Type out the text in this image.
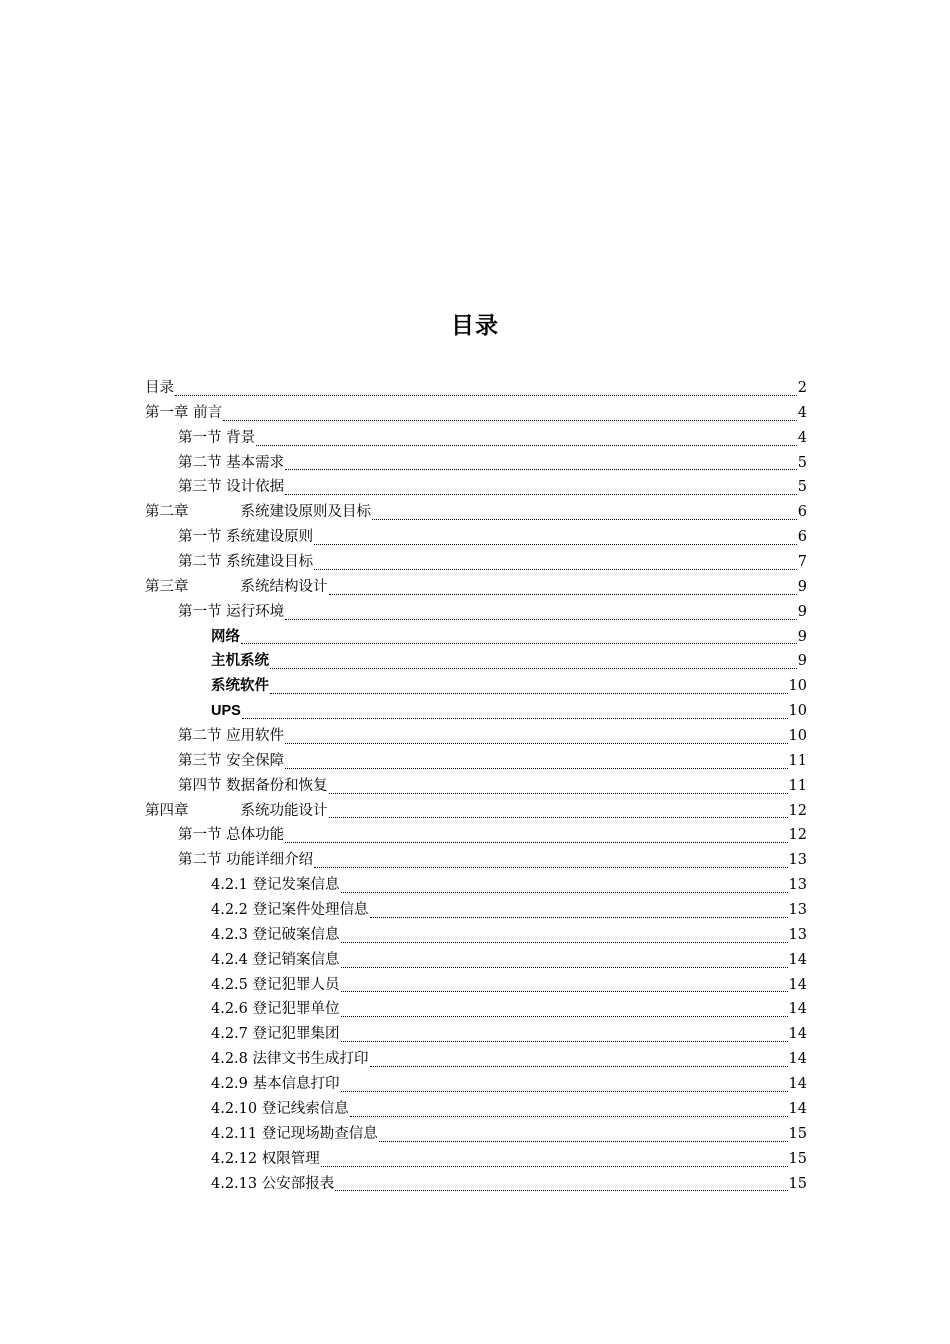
目录
目录	2
第一章 前言	4
第一节 背景	4
第二节 基本需求	5
第三节 设计依据	5
第二章	系统建设原则及目标	6
第一节 系统建设原则	6
第二节 系统建设目标	7
第三章	系统结构设计	9
第一节 运行环境	9
网络	9
主机系统	9
系统软件	10
UPS	10
第二节 应用软件	10
第三节 安全保障	11
第四节 数据备份和恢复	11
第四章	系统功能设计	12
第一节 总体功能	12
第二节 功能详细介绍	13
4.2.1 登记发案信息	13
4.2.2 登记案件处理信息	13
4.2.3 登记破案信息	13
4.2.4 登记销案信息	14
4.2.5 登记犯罪人员	14
4.2.6 登记犯罪单位	14
4.2.7 登记犯罪集团	14
4.2.8 法律文书生成打印	14
4.2.9 基本信息打印	14
4.2.10 登记线索信息	14
4.2.11 登记现场勘查信息	15
4.2.12 权限管理	15
4.2.13 公安部报表	15
